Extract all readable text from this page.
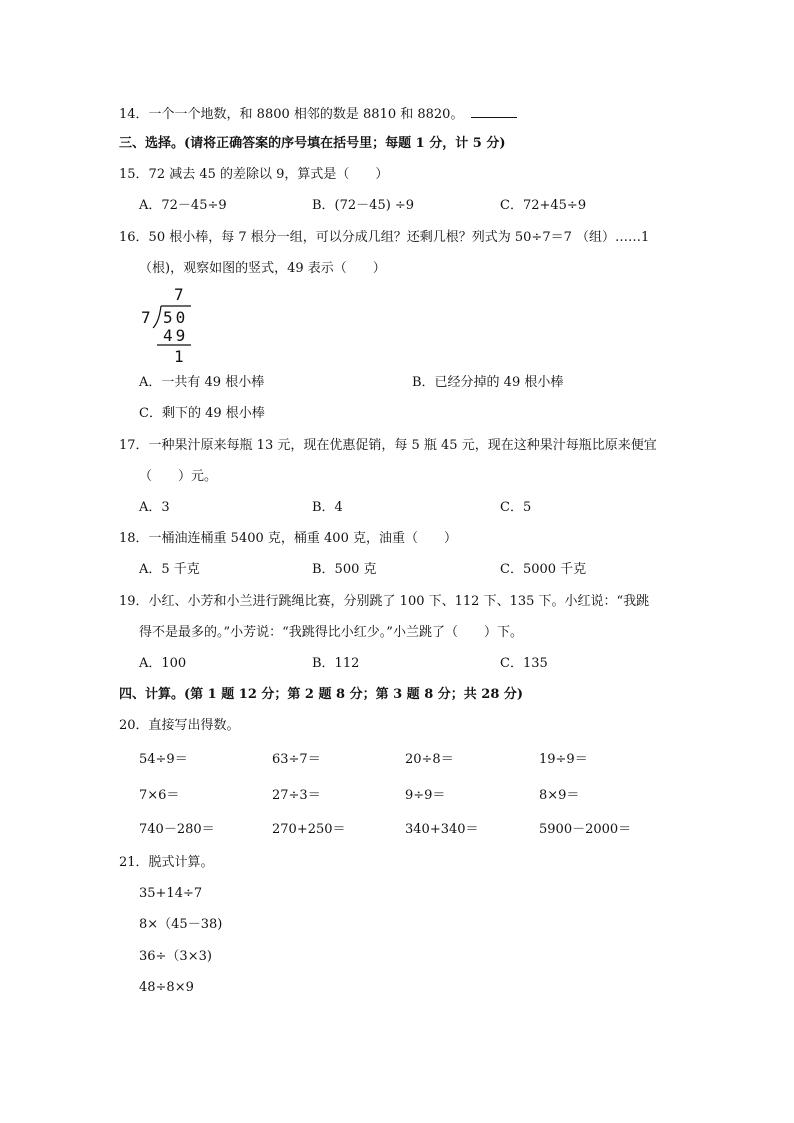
14．一个一个地数，和 8800 相邻的数是 8810 和 8820。
三、选择。(请将正确答案的序号填在括号里；每题 1 分，计 5 分)
15．72 减去 45 的差除以 9，算式是（　　）
A．72－45÷9	B．(72－45) ÷9	C．72+45÷9
16．50 根小棒，每 7 根分一组，可以分成几组？还剩几根？列式为 50÷7＝7 （组）……1
（根)，观察如图的竖式，49 表示（　　）
7
7 50
49
1
A．一共有 49 根小棒	B．已经分掉的 49 根小棒
C．剩下的 49 根小棒
17．一种果汁原来每瓶 13 元，现在优惠促销，每 5 瓶 45 元，现在这种果汁每瓶比原来便宜
（　　）元。
A．3	B．4	C．5
18．一桶油连桶重 5400 克，桶重 400 克，油重（　　）
A．5 千克	B．500 克	C．5000 千克
19．小红、小芳和小兰进行跳绳比赛，分别跳了 100 下、112 下、135 下。小红说：“我跳
得不是最多的。”小芳说：“我跳得比小红少。”小兰跳了（　　）下。
A．100	B．112	C．135
四、计算。(第 1 题 12 分；第 2 题 8 分；第 3 题 8 分；共 28 分)
20．直接写出得数。
54÷9＝	63÷7＝	20÷8＝	19÷9＝
7×6＝	27÷3＝	9÷9＝	8×9＝
740－280＝	270+250＝	340+340＝	5900－2000＝
21．脱式计算。
35+14÷7
8×（45－38)
36÷（3×3)
48÷8×9
